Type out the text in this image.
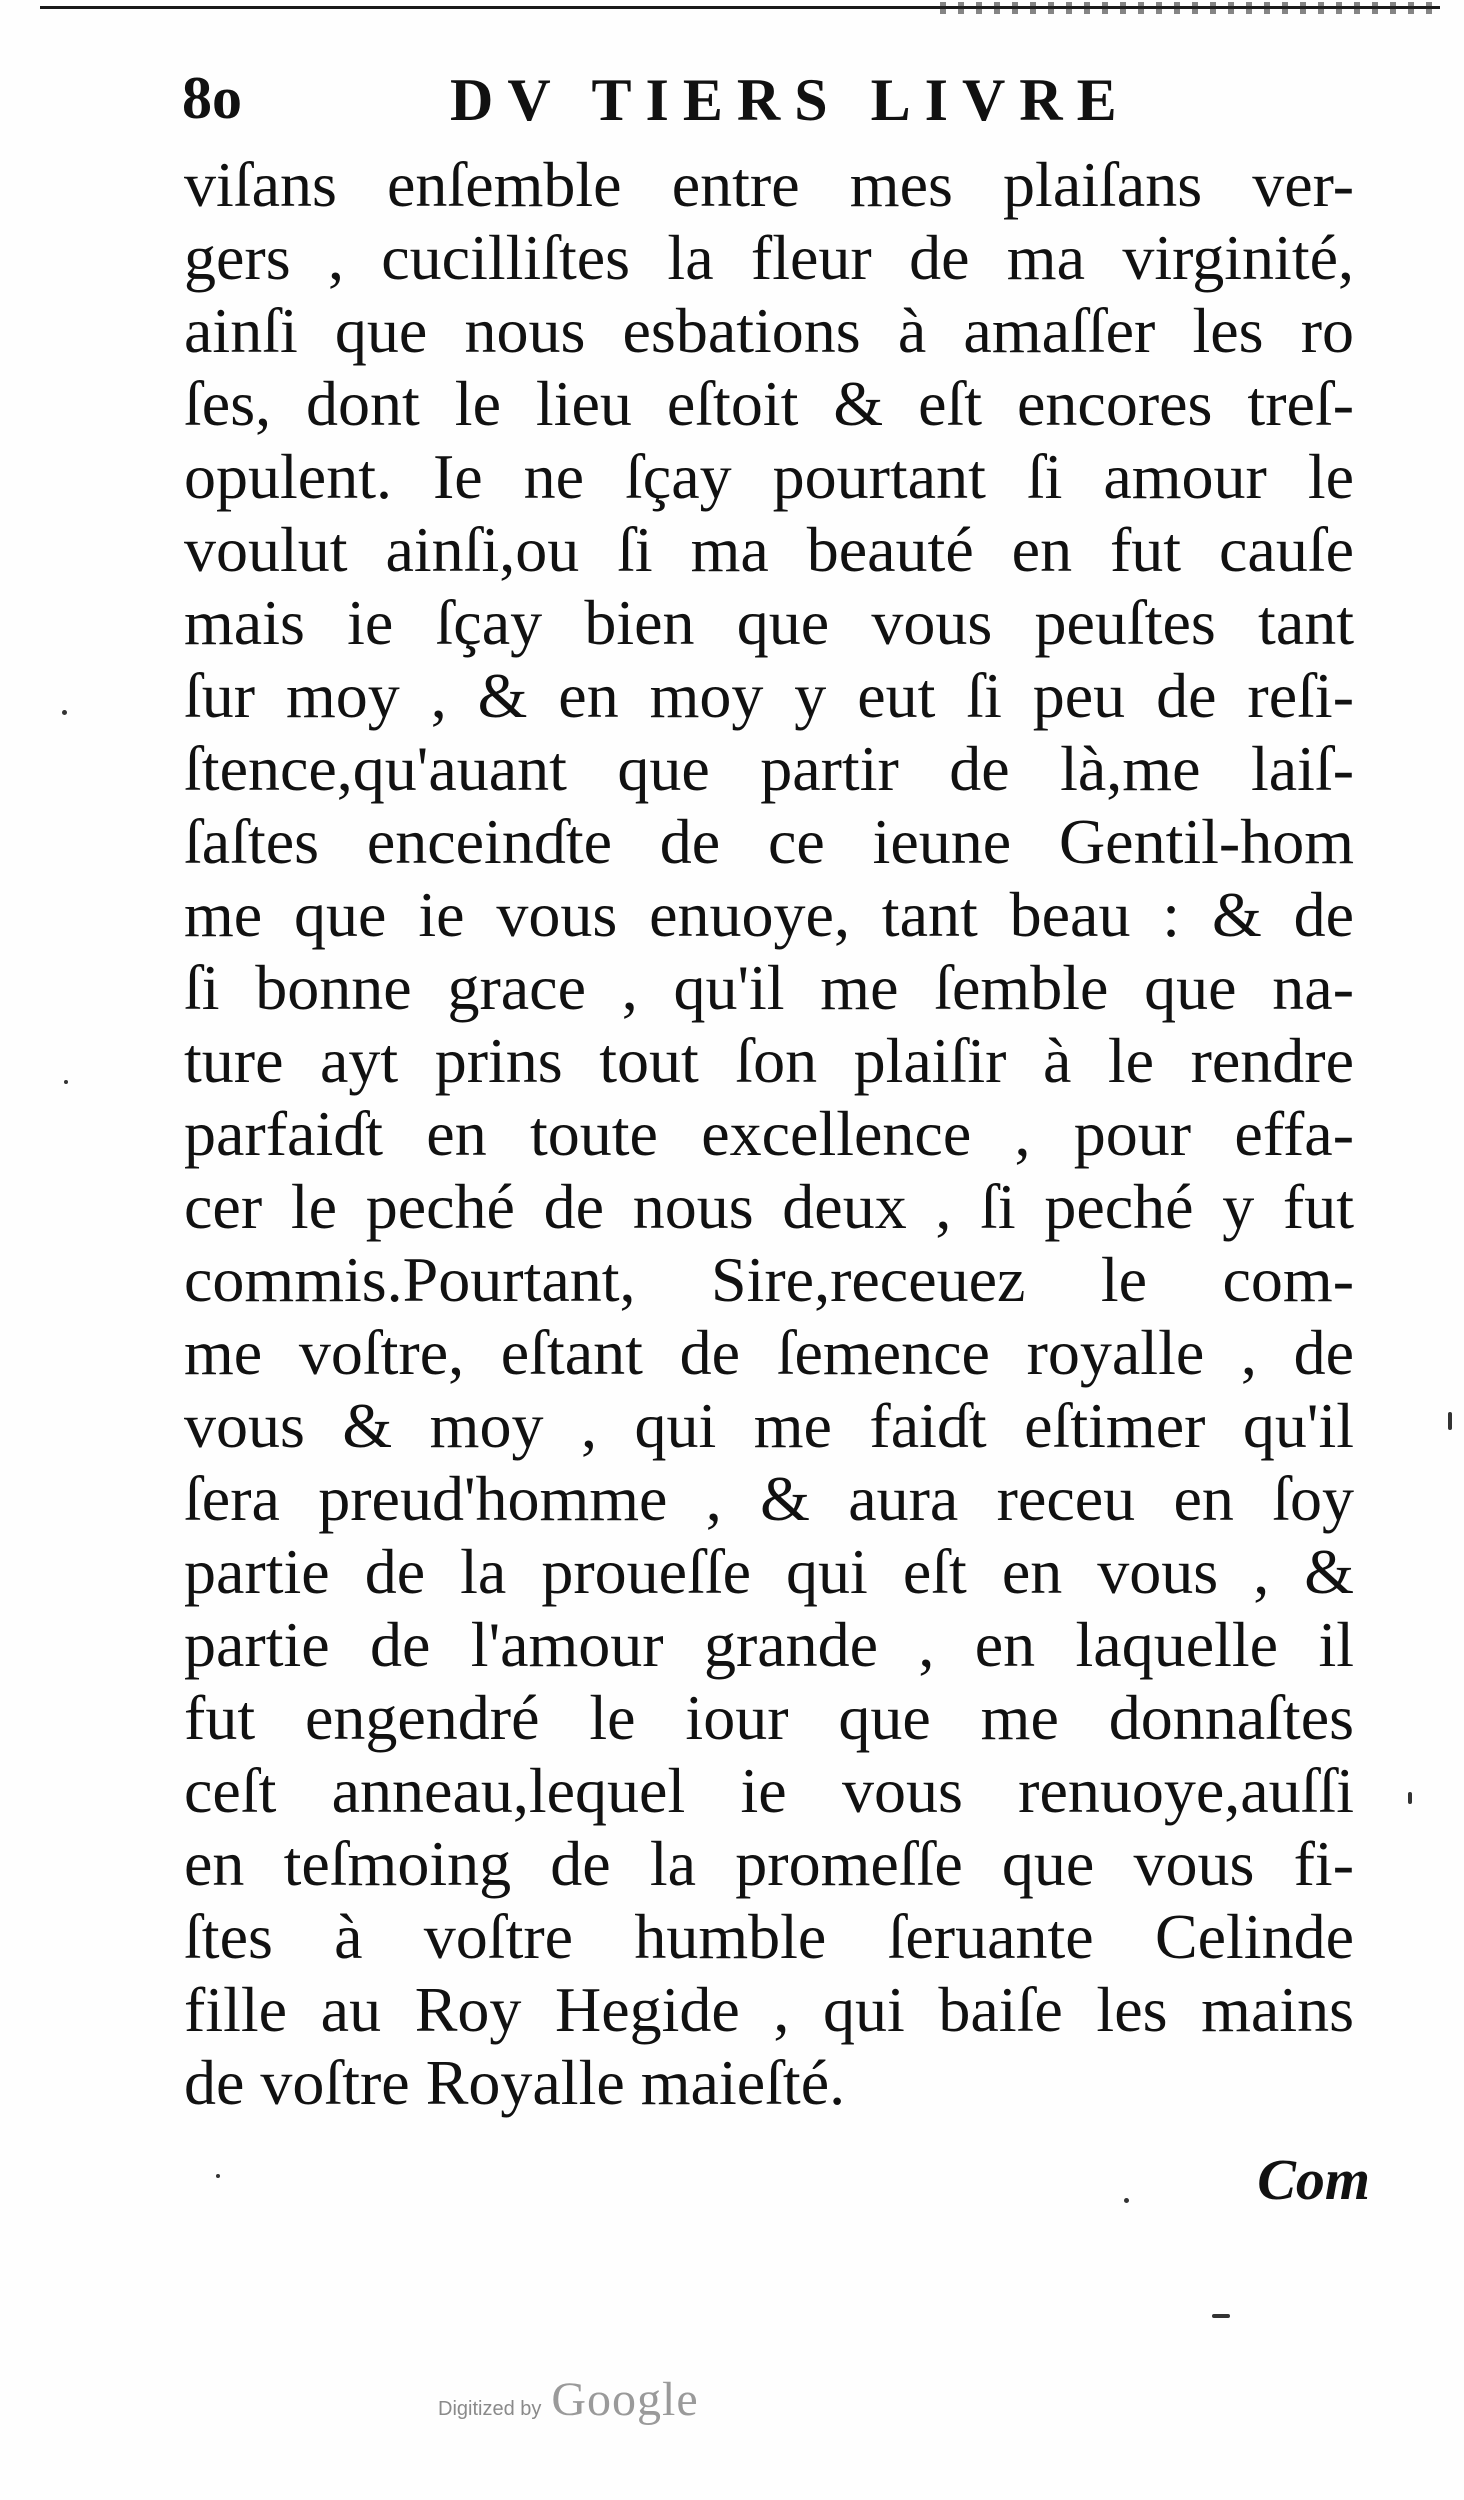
8o	DV TIERS LIVRE
viſans enſemble entre mes plaiſans ver-
gers , cucilliſtes la fleur de ma virginité,
ainſi que nous esbations à amaſſer les ro
ſes, dont le lieu eſtoit & eſt encores treſ-
opulent. Ie ne ſçay pourtant ſi amour le
voulut ainſi,ou ſi ma beauté en fut cauſe
mais ie ſçay bien que vous peuſtes tant
ſur moy , & en moy y eut ſi peu de reſi-
ſtence,qu'auant que partir de là,me laiſ-
ſaſtes enceinɗte de ce ieune Gentil-hom
me que ie vous enuoye, tant beau : & de
ſi bonne grace , qu'il me ſemble que na-
ture ayt prins tout ſon plaiſir à le rendre
parfaiɗt en toute excellence , pour effa-
cer le peché de nous deux , ſi peché y fut
commis.Pourtant, Sire,receuez le com-
me voſtre, eſtant de ſemence royalle , de
vous & moy , qui me faiɗt eſtimer qu'il
ſera preud'homme , & aura receu en ſoy
partie de la proueſſe qui eſt en vous , &
partie de l'amour grande , en laquelle il
fut engendré le iour que me donnaſtes
ceſt anneau,lequel ie vous renuoye,auſſi
en teſmoing de la promeſſe que vous fi-
ſtes à voſtre humble ſeruante Celinde
fille au Roy Hegide , qui baiſe les mains
de voſtre Royalle maieſté.
Com
Digitized by Google
